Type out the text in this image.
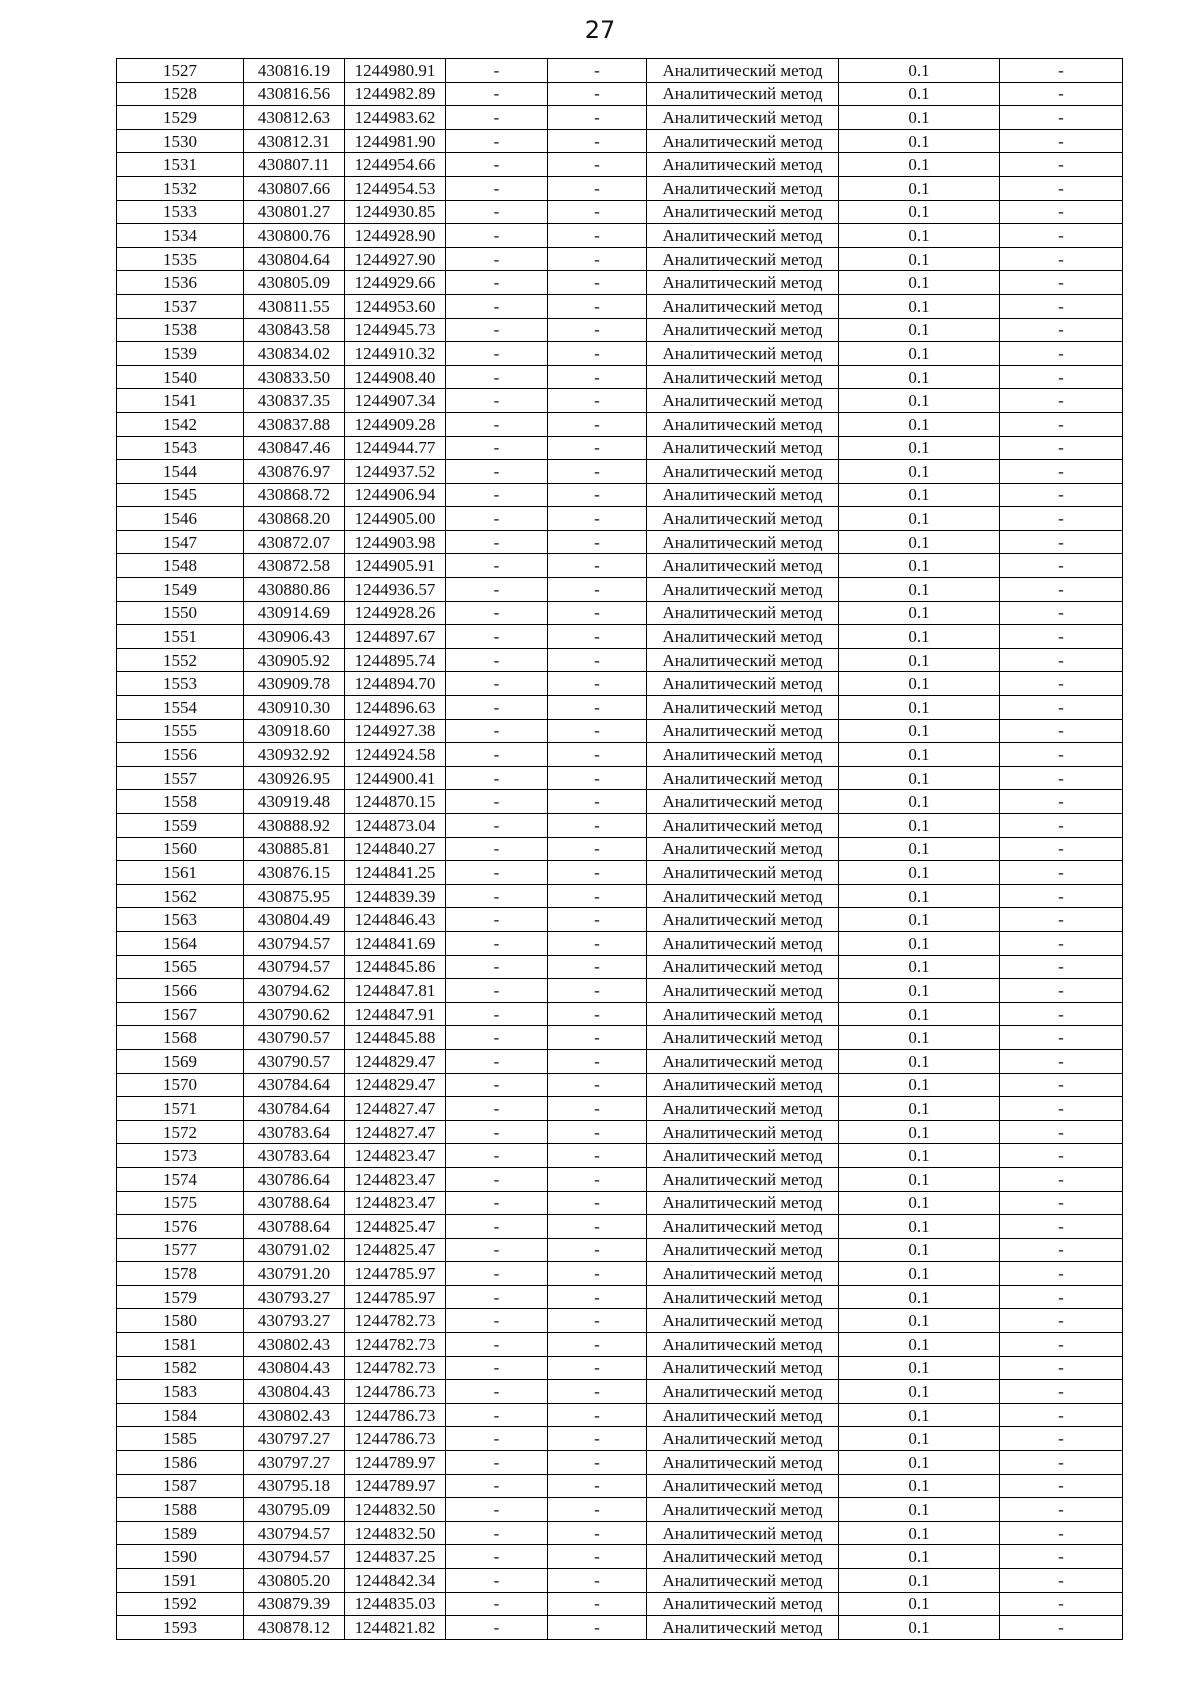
27
1527	430816.19	1244980.91	-	-	Аналитический метод	0.1	-
1528	430816.56	1244982.89	-	-	Аналитический метод	0.1	-
1529	430812.63	1244983.62	-	-	Аналитический метод	0.1	-
1530	430812.31	1244981.90	-	-	Аналитический метод	0.1	-
1531	430807.11	1244954.66	-	-	Аналитический метод	0.1	-
1532	430807.66	1244954.53	-	-	Аналитический метод	0.1	-
1533	430801.27	1244930.85	-	-	Аналитический метод	0.1	-
1534	430800.76	1244928.90	-	-	Аналитический метод	0.1	-
1535	430804.64	1244927.90	-	-	Аналитический метод	0.1	-
1536	430805.09	1244929.66	-	-	Аналитический метод	0.1	-
1537	430811.55	1244953.60	-	-	Аналитический метод	0.1	-
1538	430843.58	1244945.73	-	-	Аналитический метод	0.1	-
1539	430834.02	1244910.32	-	-	Аналитический метод	0.1	-
1540	430833.50	1244908.40	-	-	Аналитический метод	0.1	-
1541	430837.35	1244907.34	-	-	Аналитический метод	0.1	-
1542	430837.88	1244909.28	-	-	Аналитический метод	0.1	-
1543	430847.46	1244944.77	-	-	Аналитический метод	0.1	-
1544	430876.97	1244937.52	-	-	Аналитический метод	0.1	-
1545	430868.72	1244906.94	-	-	Аналитический метод	0.1	-
1546	430868.20	1244905.00	-	-	Аналитический метод	0.1	-
1547	430872.07	1244903.98	-	-	Аналитический метод	0.1	-
1548	430872.58	1244905.91	-	-	Аналитический метод	0.1	-
1549	430880.86	1244936.57	-	-	Аналитический метод	0.1	-
1550	430914.69	1244928.26	-	-	Аналитический метод	0.1	-
1551	430906.43	1244897.67	-	-	Аналитический метод	0.1	-
1552	430905.92	1244895.74	-	-	Аналитический метод	0.1	-
1553	430909.78	1244894.70	-	-	Аналитический метод	0.1	-
1554	430910.30	1244896.63	-	-	Аналитический метод	0.1	-
1555	430918.60	1244927.38	-	-	Аналитический метод	0.1	-
1556	430932.92	1244924.58	-	-	Аналитический метод	0.1	-
1557	430926.95	1244900.41	-	-	Аналитический метод	0.1	-
1558	430919.48	1244870.15	-	-	Аналитический метод	0.1	-
1559	430888.92	1244873.04	-	-	Аналитический метод	0.1	-
1560	430885.81	1244840.27	-	-	Аналитический метод	0.1	-
1561	430876.15	1244841.25	-	-	Аналитический метод	0.1	-
1562	430875.95	1244839.39	-	-	Аналитический метод	0.1	-
1563	430804.49	1244846.43	-	-	Аналитический метод	0.1	-
1564	430794.57	1244841.69	-	-	Аналитический метод	0.1	-
1565	430794.57	1244845.86	-	-	Аналитический метод	0.1	-
1566	430794.62	1244847.81	-	-	Аналитический метод	0.1	-
1567	430790.62	1244847.91	-	-	Аналитический метод	0.1	-
1568	430790.57	1244845.88	-	-	Аналитический метод	0.1	-
1569	430790.57	1244829.47	-	-	Аналитический метод	0.1	-
1570	430784.64	1244829.47	-	-	Аналитический метод	0.1	-
1571	430784.64	1244827.47	-	-	Аналитический метод	0.1	-
1572	430783.64	1244827.47	-	-	Аналитический метод	0.1	-
1573	430783.64	1244823.47	-	-	Аналитический метод	0.1	-
1574	430786.64	1244823.47	-	-	Аналитический метод	0.1	-
1575	430788.64	1244823.47	-	-	Аналитический метод	0.1	-
1576	430788.64	1244825.47	-	-	Аналитический метод	0.1	-
1577	430791.02	1244825.47	-	-	Аналитический метод	0.1	-
1578	430791.20	1244785.97	-	-	Аналитический метод	0.1	-
1579	430793.27	1244785.97	-	-	Аналитический метод	0.1	-
1580	430793.27	1244782.73	-	-	Аналитический метод	0.1	-
1581	430802.43	1244782.73	-	-	Аналитический метод	0.1	-
1582	430804.43	1244782.73	-	-	Аналитический метод	0.1	-
1583	430804.43	1244786.73	-	-	Аналитический метод	0.1	-
1584	430802.43	1244786.73	-	-	Аналитический метод	0.1	-
1585	430797.27	1244786.73	-	-	Аналитический метод	0.1	-
1586	430797.27	1244789.97	-	-	Аналитический метод	0.1	-
1587	430795.18	1244789.97	-	-	Аналитический метод	0.1	-
1588	430795.09	1244832.50	-	-	Аналитический метод	0.1	-
1589	430794.57	1244832.50	-	-	Аналитический метод	0.1	-
1590	430794.57	1244837.25	-	-	Аналитический метод	0.1	-
1591	430805.20	1244842.34	-	-	Аналитический метод	0.1	-
1592	430879.39	1244835.03	-	-	Аналитический метод	0.1	-
1593	430878.12	1244821.82	-	-	Аналитический метод	0.1	-
